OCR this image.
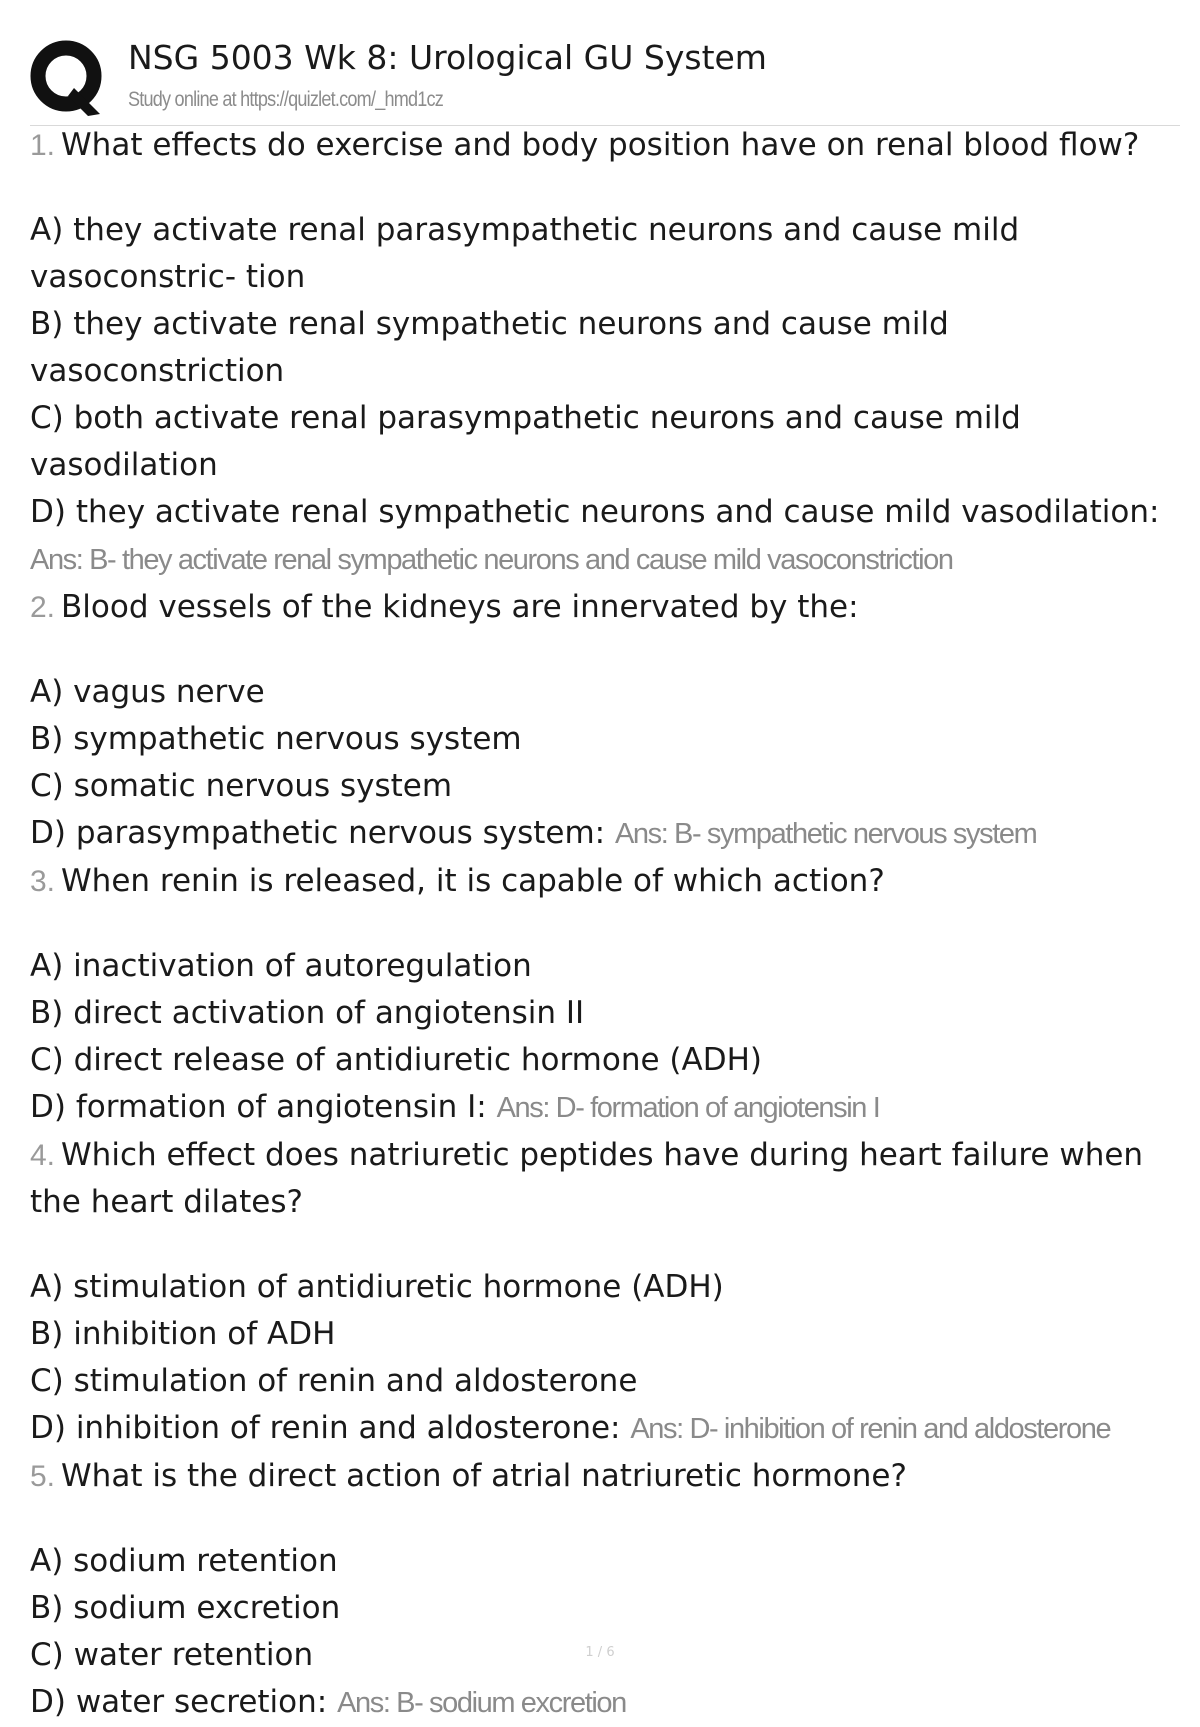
NSG 5003 Wk 8: Urological GU System
Study online at https://quizlet.com/_hmd1cz
1. What effects do exercise and body position have on renal blood flow?
A) they activate renal parasympathetic neurons and cause mild vasoconstric- tion
B) they activate renal sympathetic neurons and cause mild vasoconstriction
C) both activate renal parasympathetic neurons and cause mild vasodilation
D) they activate renal sympathetic neurons and cause mild vasodilation: Ans: B- they activate renal sympathetic neurons and cause mild vasoconstriction
2. Blood vessels of the kidneys are innervated by the:
A) vagus nerve
B) sympathetic nervous system
C) somatic nervous system
D) parasympathetic nervous system: Ans: B- sympathetic nervous system
3. When renin is released, it is capable of which action?
A) inactivation of autoregulation
B) direct activation of angiotensin II
C) direct release of antidiuretic hormone (ADH)
D) formation of angiotensin I: Ans: D- formation of angiotensin I
4. Which effect does natriuretic peptides have during heart failure when the heart dilates?
A) stimulation of antidiuretic hormone (ADH)
B) inhibition of ADH
C) stimulation of renin and aldosterone
D) inhibition of renin and aldosterone: Ans: D- inhibition of renin and aldosterone
5. What is the direct action of atrial natriuretic hormone?
A) sodium retention
B) sodium excretion
C) water retention
D) water secretion: Ans: B- sodium excretion
1 / 6
